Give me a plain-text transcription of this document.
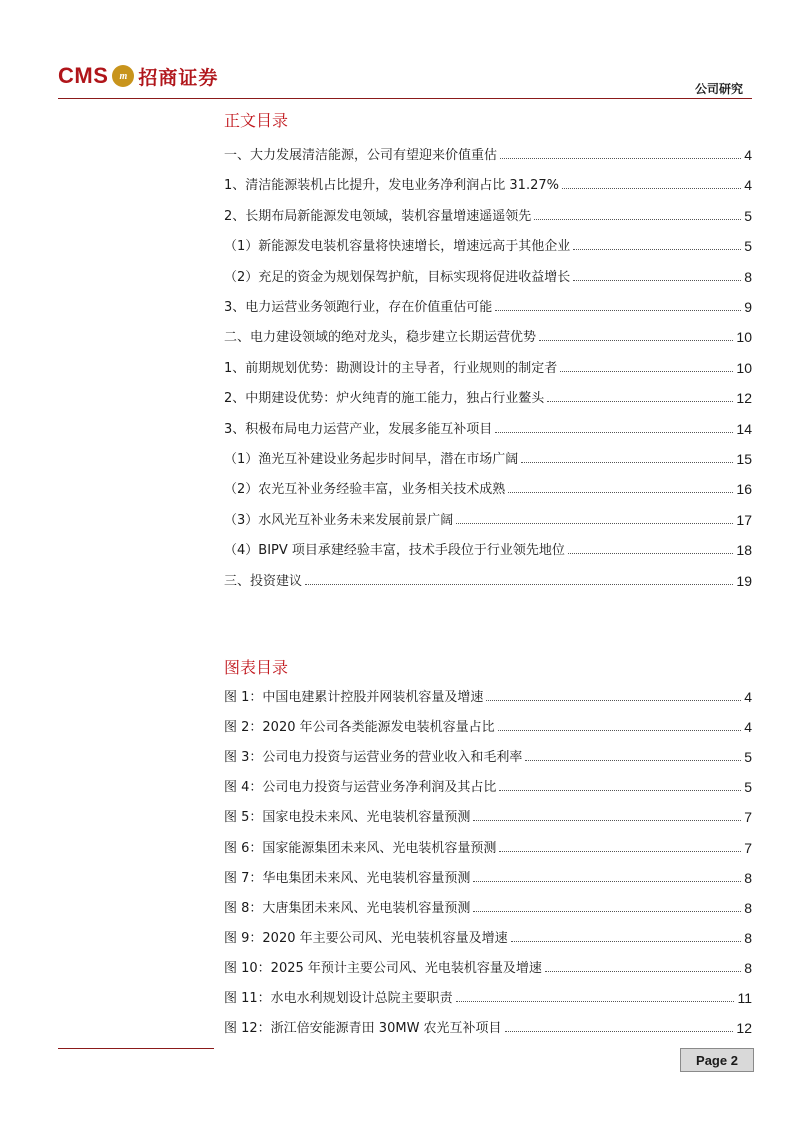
CMS	m 招商证券
公司研究
正文目录
一、大力发展清洁能源，公司有望迎来价值重估	4
1、清洁能源装机占比提升，发电业务净利润占比 31.27%	4
2、长期布局新能源发电领域，装机容量增速遥遥领先	5
（1）新能源发电装机容量将快速增长，增速远高于其他企业	5
（2）充足的资金为规划保驾护航，目标实现将促进收益增长	8
3、电力运营业务领跑行业，存在价值重估可能	9
二、电力建设领域的绝对龙头，稳步建立长期运营优势	10
1、前期规划优势：勘测设计的主导者，行业规则的制定者	10
2、中期建设优势：炉火纯青的施工能力，独占行业鳌头	12
3、积极布局电力运营产业，发展多能互补项目	14
（1）渔光互补建设业务起步时间早，潜在市场广阔	15
（2）农光互补业务经验丰富，业务相关技术成熟	16
（3）水风光互补业务未来发展前景广阔	17
（4）BIPV 项目承建经验丰富，技术手段位于行业领先地位	18
三、投资建议	19
图表目录
图 1：中国电建累计控股并网装机容量及增速	4
图 2：2020 年公司各类能源发电装机容量占比	4
图 3：公司电力投资与运营业务的营业收入和毛利率	5
图 4：公司电力投资与运营业务净利润及其占比	5
图 5：国家电投未来风、光电装机容量预测	7
图 6：国家能源集团未来风、光电装机容量预测	7
图 7：华电集团未来风、光电装机容量预测	8
图 8：大唐集团未来风、光电装机容量预测	8
图 9：2020 年主要公司风、光电装机容量及增速	8
图 10：2025 年预计主要公司风、光电装机容量及增速	8
图 11：水电水利规划设计总院主要职责	11
图 12：浙江倍安能源青田 30MW 农光互补项目	12
Page 2
